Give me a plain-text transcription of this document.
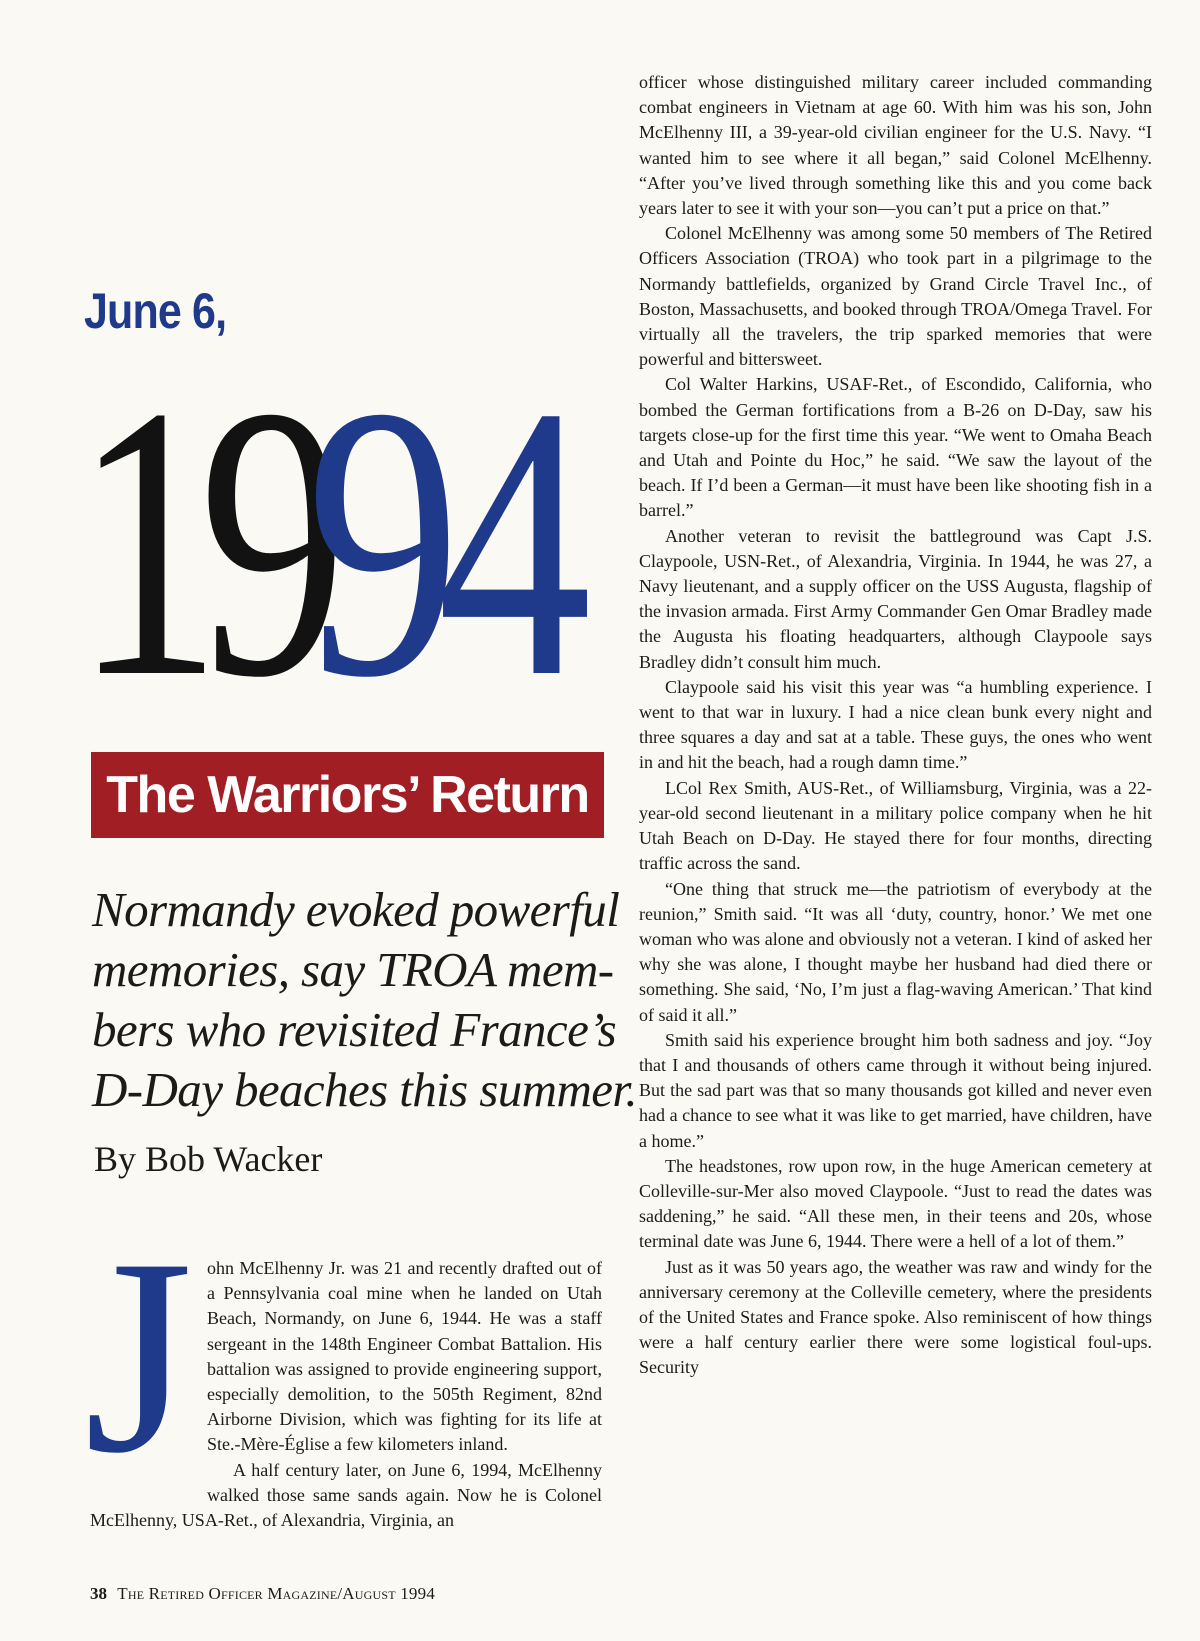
June 6,
19
94
The Warriors’ Return
Normandy evoked powerful
memories, say TROA mem-
bers who revisited France’s
D-Day beaches this summer.
By Bob Wacker

John McElhenny Jr. was 21 and recently drafted out of a Pennsylvania coal mine when he landed on Utah Beach, Normandy, on June 6, 1944. He was a staff sergeant in the 148th Engineer Combat Battalion. His battalion was assigned to provide engineering support, especially demolition, to the 505th Regiment, 82nd Airborne Division, which was fighting for its life at Ste.-Mère-Église a few kilometers inland.

A half century later, on June 6, 1994, McElhenny walked those same sands again. Now he is Colonel McElhenny, USA-Ret., of Alexandria, Virginia, an

officer whose distinguished military career included commanding combat engineers in Vietnam at age 60. With him was his son, John McElhenny III, a 39-year-old civilian engineer for the U.S. Navy. “I wanted him to see where it all began,” said Colonel McElhenny. “After you’ve lived through something like this and you come back years later to see it with your son—you can’t put a price on that.”

Colonel McElhenny was among some 50 members of The Retired Officers Association (TROA) who took part in a pilgrimage to the Normandy battlefields, organized by Grand Circle Travel Inc., of Boston, Massachusetts, and booked through TROA/Omega Travel. For virtually all the travelers, the trip sparked memories that were powerful and bittersweet.

Col Walter Harkins, USAF-Ret., of Escondido, California, who bombed the German fortifications from a B-26 on D-Day, saw his targets close-up for the first time this year. “We went to Omaha Beach and Utah and Pointe du Hoc,” he said. “We saw the layout of the beach. If I’d been a German—it must have been like shooting fish in a barrel.”

Another veteran to revisit the battleground was Capt J.S. Claypoole, USN-Ret., of Alexandria, Virginia. In 1944, he was 27, a Navy lieutenant, and a supply officer on the USS Augusta, flagship of the invasion armada. First Army Commander Gen Omar Bradley made the Augusta his floating headquarters, although Claypoole says Bradley didn’t consult him much.

Claypoole said his visit this year was “a humbling experience. I went to that war in luxury. I had a nice clean bunk every night and three squares a day and sat at a table. These guys, the ones who went in and hit the beach, had a rough damn time.”

LCol Rex Smith, AUS-Ret., of Williamsburg, Virginia, was a 22-year-old second lieutenant in a military police company when he hit Utah Beach on D-Day. He stayed there for four months, directing traffic across the sand.

“One thing that struck me—the patriotism of everybody at the reunion,” Smith said. “It was all ‘duty, country, honor.’ We met one woman who was alone and obviously not a veteran. I kind of asked her why she was alone, I thought maybe her husband had died there or something. She said, ‘No, I’m just a flag-waving American.’ That kind of said it all.”

Smith said his experience brought him both sadness and joy. “Joy that I and thousands of others came through it without being injured. But the sad part was that so many thousands got killed and never even had a chance to see what it was like to get married, have children, have a home.”

The headstones, row upon row, in the huge American cemetery at Colleville-sur-Mer also moved Claypoole. “Just to read the dates was saddening,” he said. “All these men, in their teens and 20s, whose terminal date was June 6, 1944. There were a hell of a lot of them.”

Just as it was 50 years ago, the weather was raw and windy for the anniversary ceremony at the Colleville cemetery, where the presidents of the United States and France spoke. Also reminiscent of how things were a half century earlier there were some logistical foul-ups. Security

38 The Retired Officer Magazine/August 1994
